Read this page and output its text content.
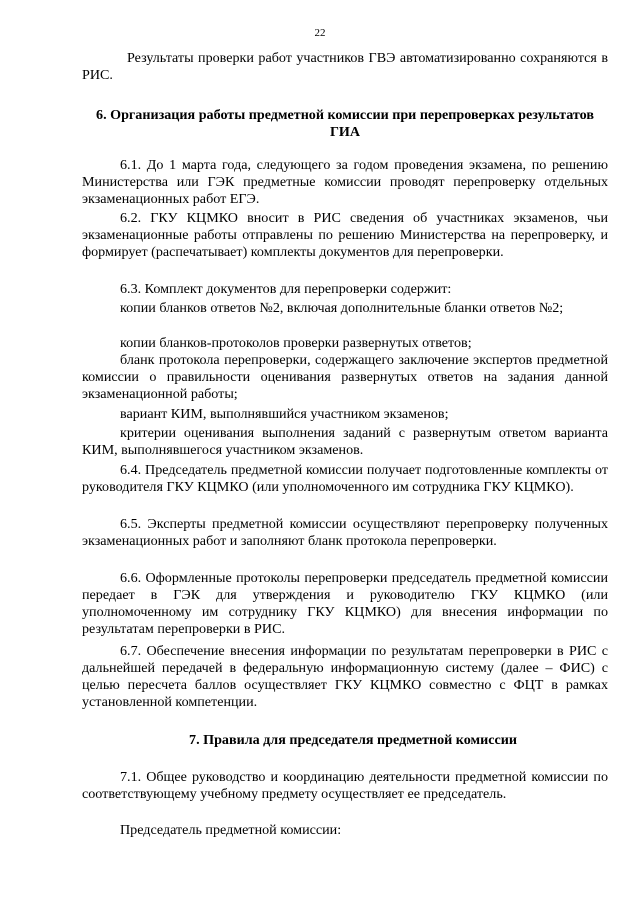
22

Результаты проверки работ участников ГВЭ автоматизированно сохраняются в РИС.

6. Организация работы предметной комиссии при перепроверках результатов ГИА

6.1. До 1 марта года, следующего за годом проведения экзамена, по решению Министерства или ГЭК предметные комиссии проводят перепроверку отдельных экзаменационных работ ЕГЭ.

6.2. ГКУ КЦМКО вносит в РИС сведения об участниках экзаменов, чьи экзаменационные работы отправлены по решению Министерства на перепроверку, и формирует (распечатывает) комплекты документов для перепроверки.

6.3. Комплект документов для перепроверки содержит:

копии бланков ответов №2, включая дополнительные бланки ответов №2;

копии бланков-протоколов проверки развернутых ответов;

бланк протокола перепроверки, содержащего заключение экспертов предметной комиссии о правильности оценивания развернутых ответов на задания данной экзаменационной работы;

вариант КИМ, выполнявшийся участником экзаменов;

критерии оценивания выполнения заданий с развернутым ответом варианта КИМ, выполнявшегося участником экзаменов.

6.4. Председатель предметной комиссии получает подготовленные комплекты от руководителя ГКУ КЦМКО (или уполномоченного им сотрудника ГКУ КЦМКО).

6.5. Эксперты предметной комиссии осуществляют перепроверку полученных экзаменационных работ и заполняют бланк протокола перепроверки.

6.6. Оформленные протоколы перепроверки председатель предметной комиссии передает в ГЭК для утверждения и руководителю ГКУ КЦМКО (или уполномоченному им сотруднику ГКУ КЦМКО) для внесения информации по результатам перепроверки в РИС.

6.7. Обеспечение внесения информации по результатам перепроверки в РИС с дальнейшей передачей в федеральную информационную систему (далее – ФИС) с целью пересчета баллов осуществляет ГКУ КЦМКО совместно с ФЦТ в рамках установленной компетенции.

7. Правила для председателя предметной комиссии

7.1. Общее руководство и координацию деятельности предметной комиссии по соответствующему учебному предмету осуществляет ее председатель.

Председатель предметной комиссии:
